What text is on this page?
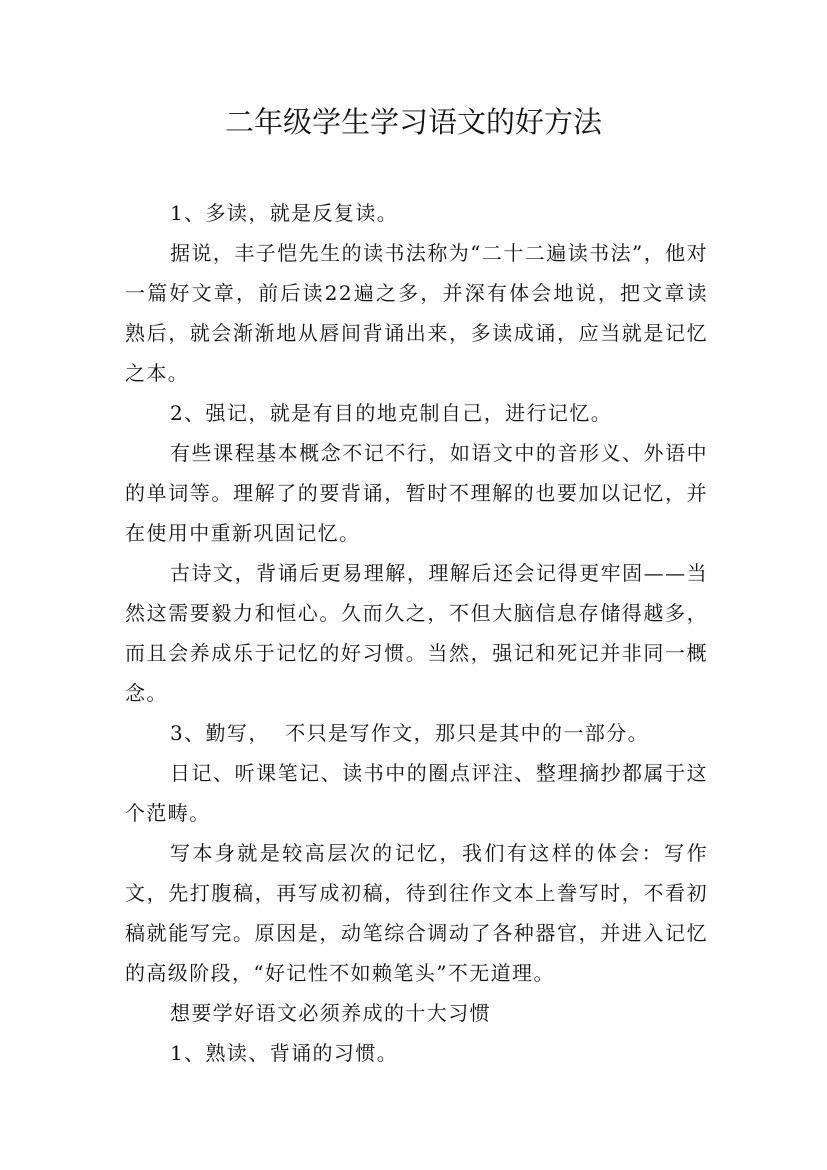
二年级学生学习语文的好方法

1、多读，就是反复读。

据说，丰子恺先生的读书法称为“二十二遍读书法”，他对一篇好文章，前后读22遍之多，并深有体会地说，把文章读熟后，就会渐渐地从唇间背诵出来，多读成诵，应当就是记忆之本。

2、强记，就是有目的地克制自己，进行记忆。

有些课程基本概念不记不行，如语文中的音形义、外语中的单词等。理解了的要背诵，暂时不理解的也要加以记忆，并在使用中重新巩固记忆。

古诗文，背诵后更易理解，理解后还会记得更牢固——当然这需要毅力和恒心。久而久之，不但大脑信息存储得越多，而且会养成乐于记忆的好习惯。当然，强记和死记并非同一概念。

3、勤写，  不只是写作文，那只是其中的一部分。

日记、听课笔记、读书中的圈点评注、整理摘抄都属于这个范畴。

写本身就是较高层次的记忆，我们有这样的体会：写作文，先打腹稿，再写成初稿，待到往作文本上誊写时，不看初稿就能写完。原因是，动笔综合调动了各种器官，并进入记忆的高级阶段，“好记性不如赖笔头”不无道理。

想要学好语文必须养成的十大习惯

1、熟读、背诵的习惯。
